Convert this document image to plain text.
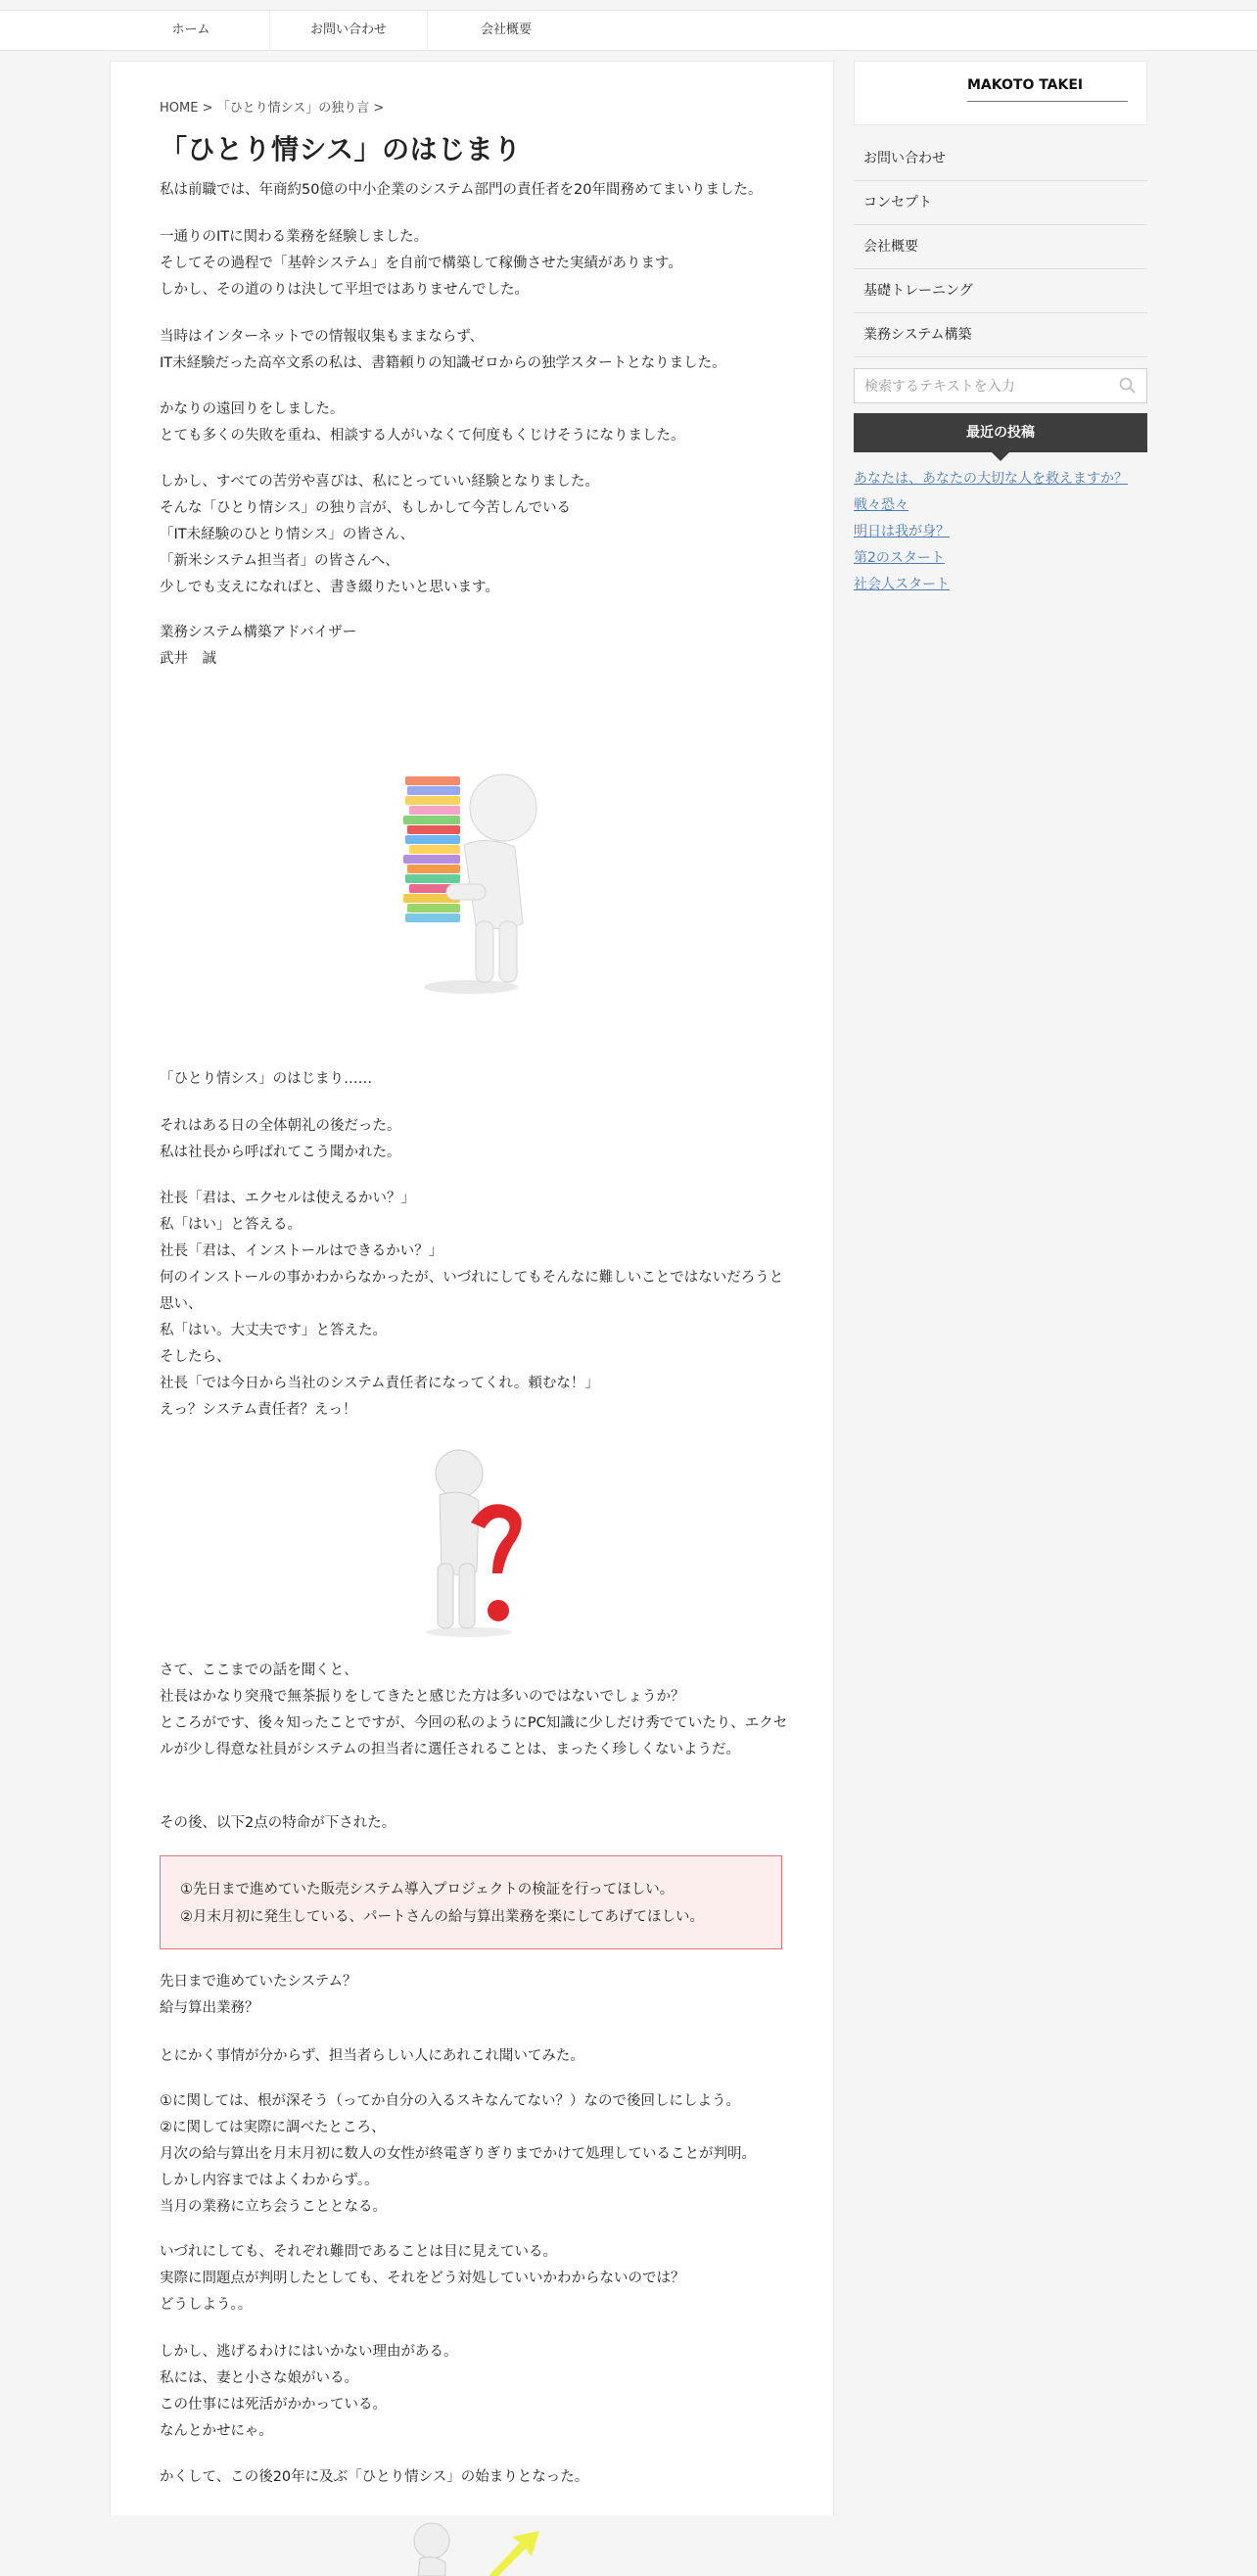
ホーム	お問い合わせ	会社概要
HOME > 「ひとり情シス」の独り言 >
「ひとり情シス」のはじまり

私は前職では、年商約50億の中小企業のシステム部門の責任者を20年間務めてまいりました。

一通りのITに関わる業務を経験しました。
そしてその過程で「基幹システム」を自前で構築して稼働させた実績があります。
しかし、その道のりは決して平坦ではありませんでした。

当時はインターネットでの情報収集もままならず、
IT未経験だった高卒文系の私は、書籍頼りの知識ゼロからの独学スタートとなりました。

かなりの遠回りをしました。
とても多くの失敗を重ね、相談する人がいなくて何度もくじけそうになりました。

しかし、すべての苦労や喜びは、私にとっていい経験となりました。
そんな「ひとり情シス」の独り言が、もしかして今苦しんでいる
「IT未経験のひとり情シス」の皆さん、
「新米システム担当者」の皆さんへ、
少しでも支えになればと、書き綴りたいと思います。

業務システム構築アドバイザー
武井　誠

「ひとり情シス」のはじまり……

それはある日の全体朝礼の後だった。
私は社長から呼ばれてこう聞かれた。

社長「君は、エクセルは使えるかい？」
私「はい」と答える。
社長「君は、インストールはできるかい？」
何のインストールの事かわからなかったが、いづれにしてもそんなに難しいことではないだろうと思い、
私「はい。大丈夫です」と答えた。
そしたら、
社長「では今日から当社のシステム責任者になってくれ。頼むな！」
えっ？システム責任者？えっ！

さて、ここまでの話を聞くと、
社長はかなり突飛で無茶振りをしてきたと感じた方は多いのではないでしょうか？
ところがです、後々知ったことですが、今回の私のようにPC知識に少しだけ秀でていたり、エクセルが少し得意な社員がシステムの担当者に選任されることは、まったく珍しくないようだ。

その後、以下2点の特命が下された。

①先日まで進めていた販売システム導入プロジェクトの検証を行ってほしい。
②月末月初に発生している、パートさんの給与算出業務を楽にしてあげてほしい。

先日まで進めていたシステム？
給与算出業務？

とにかく事情が分からず、担当者らしい人にあれこれ聞いてみた。

①に関しては、根が深そう（ってか自分の入るスキなんてない？）なので後回しにしよう。
②に関しては実際に調べたところ、
月次の給与算出を月末月初に数人の女性が終電ぎりぎりまでかけて処理していることが判明。
しかし内容まではよくわからず。。
当月の業務に立ち会うこととなる。

いづれにしても、それぞれ難問であることは目に見えている。
実際に問題点が判明したとしても、それをどう対処していいかわからないのでは？
どうしよう。。

しかし、逃げるわけにはいかない理由がある。
私には、妻と小さな娘がいる。
この仕事には死活がかかっている。
なんとかせにゃ。

かくして、この後20年に及ぶ「ひとり情シス」の始まりとなった。

MAKOTO TAKEI
お問い合わせ
コンセプト
会社概要
基礎トレーニング
業務システム構築
検索するテキストを入力
最近の投稿
あなたは、あなたの大切な人を救えますか？
戦々恐々
明日は我が身？
第2のスタート
社会人スタート
